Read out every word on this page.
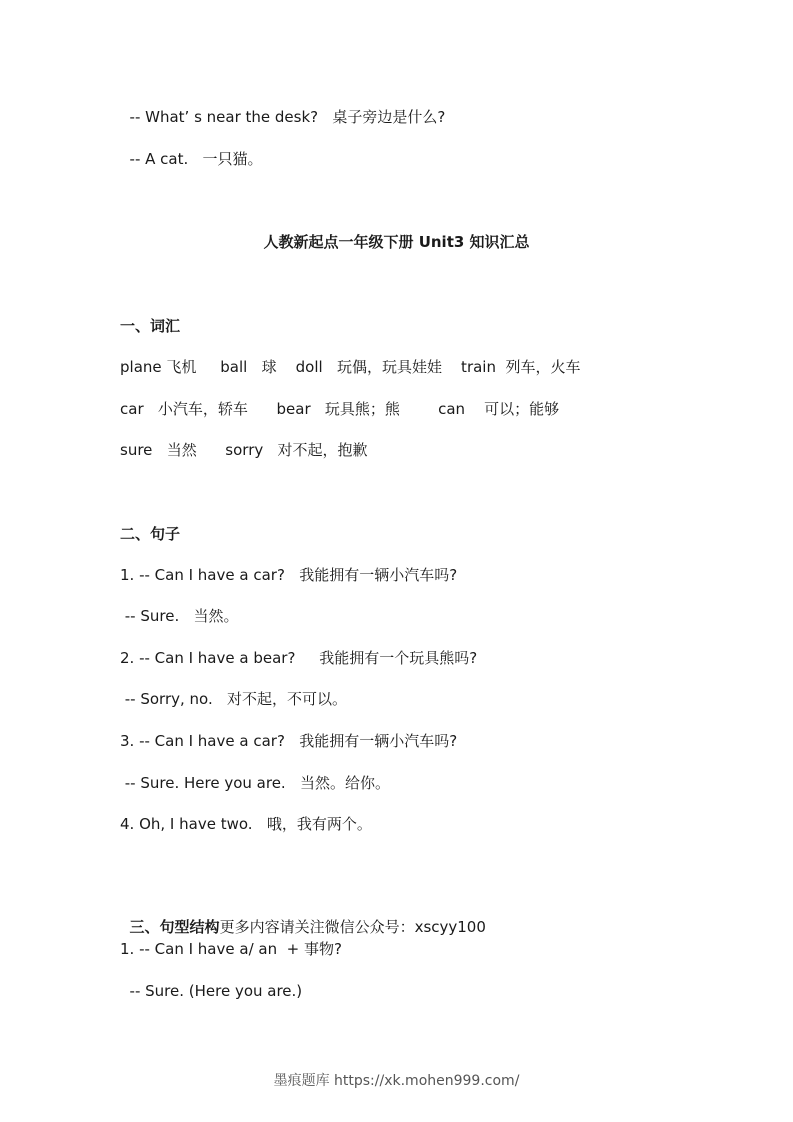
-- What’ s near the desk?   桌子旁边是什么?
-- A cat.   一只猫。
人教新起点一年级下册 Unit3 知识汇总
一、词汇
plane 飞机     ball   球    doll   玩偶，玩具娃娃    train  列车，火车
car   小汽车，轿车      bear   玩具熊；熊        can    可以；能够
sure   当然      sorry   对不起，抱歉
二、句子
1. -- Can I have a car?   我能拥有一辆小汽车吗?
-- Sure.   当然。
2. -- Can I have a bear?     我能拥有一个玩具熊吗?
-- Sorry, no.   对不起，不可以。
3. -- Can I have a car?   我能拥有一辆小汽车吗?
-- Sure. Here you are.   当然。给你。
4. Oh, I have two.   哦，我有两个。

三、句型结构更多内容请关注微信公众号：xscyy100

1. -- Can I have a/ an  + 事物?
-- Sure. (Here you are.)
墨痕题库 https://xk.mohen999.com/
